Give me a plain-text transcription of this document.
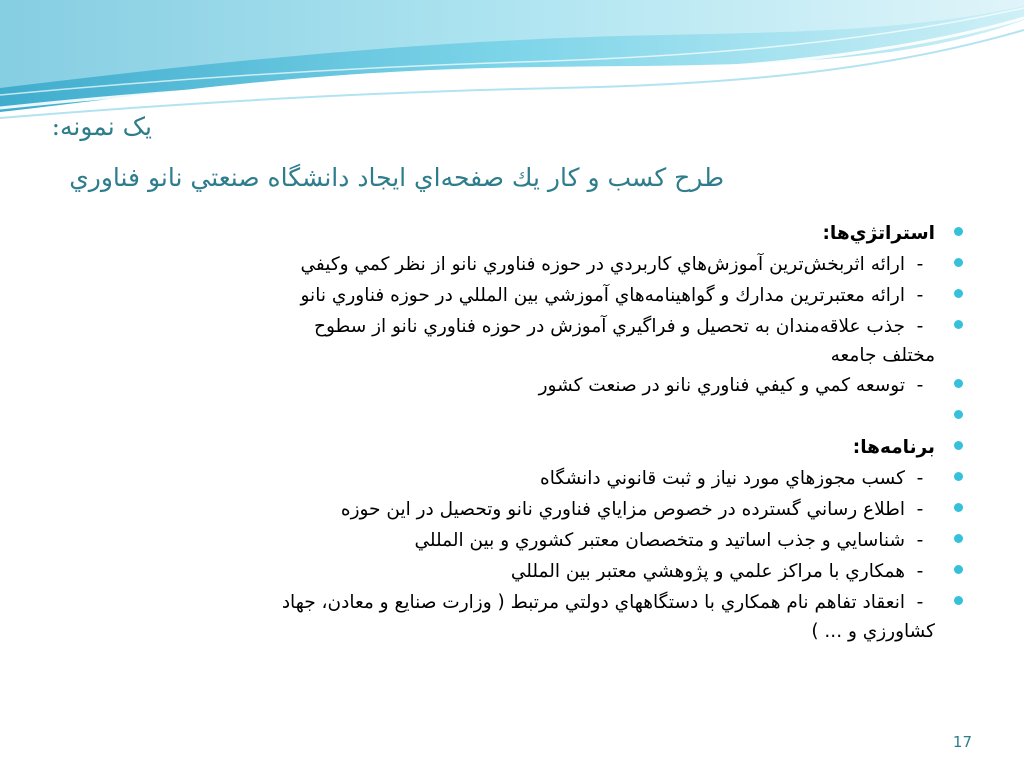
یک نمونه:
طرح کسب و کار يك صفحه‌اي ايجاد دانشگاه صنعتي نانو فناوري
استراتژي‌ها:
-ارائه اثربخش‌ترين آموزش‌هاي كاربردي در حوزه فناوري نانو از نظر كمي وكيفي
-ارائه معتبرترين مدارك و گواهينامه‌هاي آموزشي بين المللي در حوزه فناوري نانو
-جذب علاقه‌مندان به تحصيل و فراگيري آموزش در حوزه فناوري نانو از سطوح
مختلف جامعه
-توسعه كمي و كيفي فناوري نانو در صنعت كشور
برنامه‌ها:
-كسب مجوزهاي مورد نياز و ثبت قانوني دانشگاه
-اطلاع رساني گسترده در خصوص مزاياي فناوري نانو وتحصيل در اين حوزه
-شناسايي و جذب اساتيد و متخصصان معتبر كشوري و بين المللي
-همكاري با مراكز علمي و پژوهشي معتبر بين المللي
-انعقاد تفاهم نام همكاري با دستگاههاي دولتي مرتبط ( وزارت صنايع و معادن، جهاد
كشاورزي و ... )
17
